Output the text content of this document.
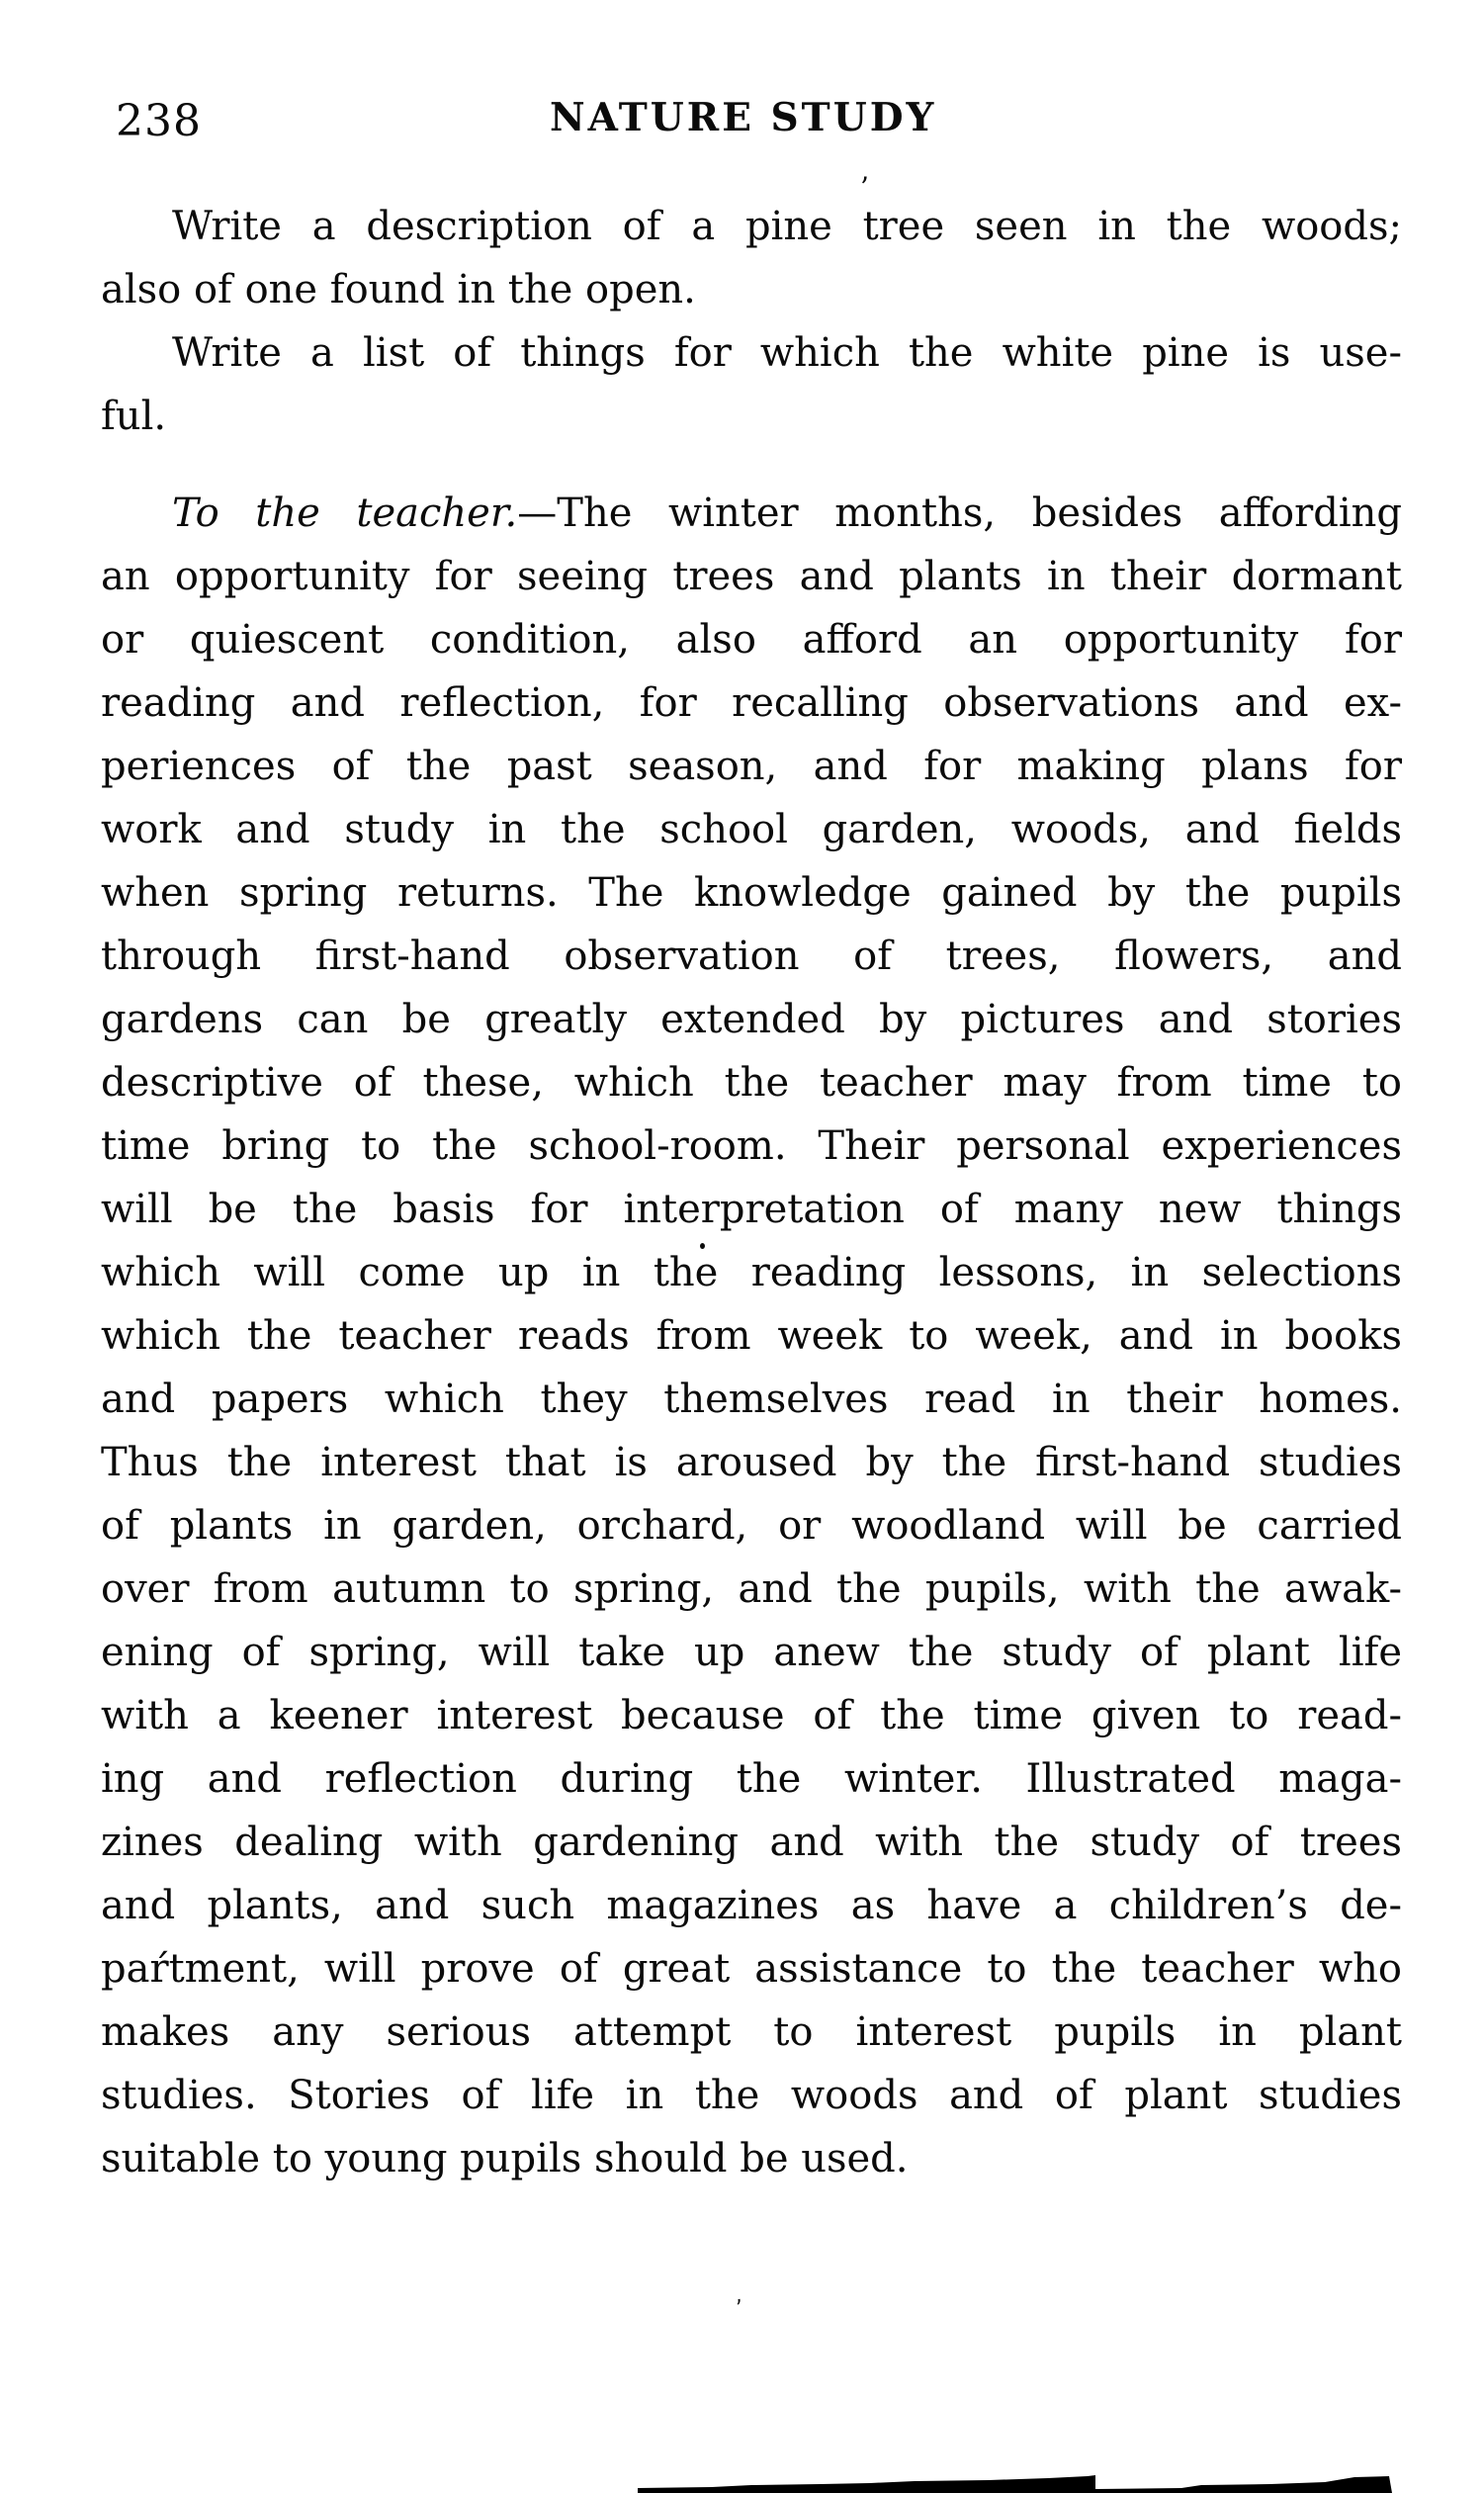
238	NATURE STUDY
Write a description of a pine tree seen in the woods;
also of one found in the open.
Write a list of things for which the white pine is use-
ful.
To the teacher.—The winter months, besides affording
an opportunity for seeing trees and plants in their dormant
or quiescent condition, also afford an opportunity for
reading and reflection, for recalling observations and ex-
periences of the past season, and for making plans for
work and study in the school garden, woods, and fields
when spring returns. The knowledge gained by the pupils
through first-hand observation of trees, flowers, and
gardens can be greatly extended by pictures and stories
descriptive of these, which the teacher may from time to
time bring to the school-room. Their personal experiences
will be the basis for interpretation of many new things
which will come up in the reading lessons, in selections
which the teacher reads from week to week, and in books
and papers which they themselves read in their homes.
Thus the interest that is aroused by the first-hand studies
of plants in garden, orchard, or woodland will be carried
over from autumn to spring, and the pupils, with the awak-
ening of spring, will take up anew the study of plant life
with a keener interest because of the time given to read-
ing and reflection during the winter. Illustrated maga-
zines dealing with gardening and with the study of trees
and plants, and such magazines as have a children’s de-
paŕtment, will prove of great assistance to the teacher who
makes any serious attempt to interest pupils in plant
studies. Stories of life in the woods and of plant studies
suitable to young pupils should be used.
’
’
